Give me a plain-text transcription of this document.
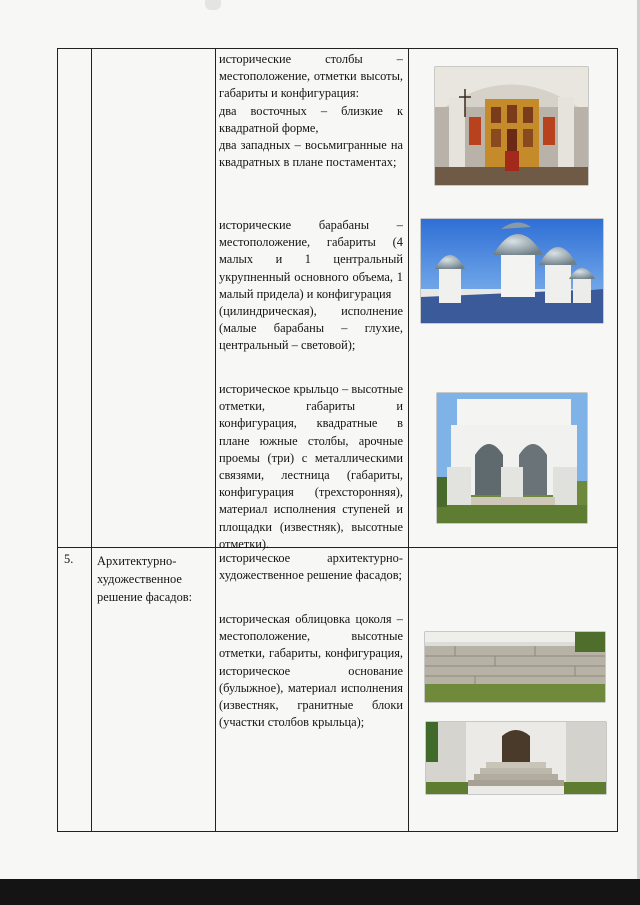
исторические столбы – местоположение, отметки высоты, габариты и конфигурация:
два восточных – близкие к квадратной форме,
два западных – восьмигранные на квадратных в плане постаментах;

исторические барабаны – местоположение, габариты (4 малых и 1 центральный укрупненный основного объема, 1 малый придела) и конфигурация
(цилиндрическая), исполнение (малые барабаны – глухие, центральный – световой);

историческое крыльцо – высотные отметки, габариты и конфигурация, квадратные в плане южные столбы, арочные проемы (три) с металлическими связями, лестница (габариты, конфигурация (трехсторонняя), материал исполнения ступеней и площадки (известняк), высотные отметки).

5. Архитектурно-
художественное
решение фасадов:

историческое архитектурно-художественное решение фасадов;

историческая облицовка цоколя – местоположение, высотные отметки, габариты, конфигурация, историческое основание (булыжное), материал исполнения (известняк, гранитные блоки (участки столбов крыльца);
